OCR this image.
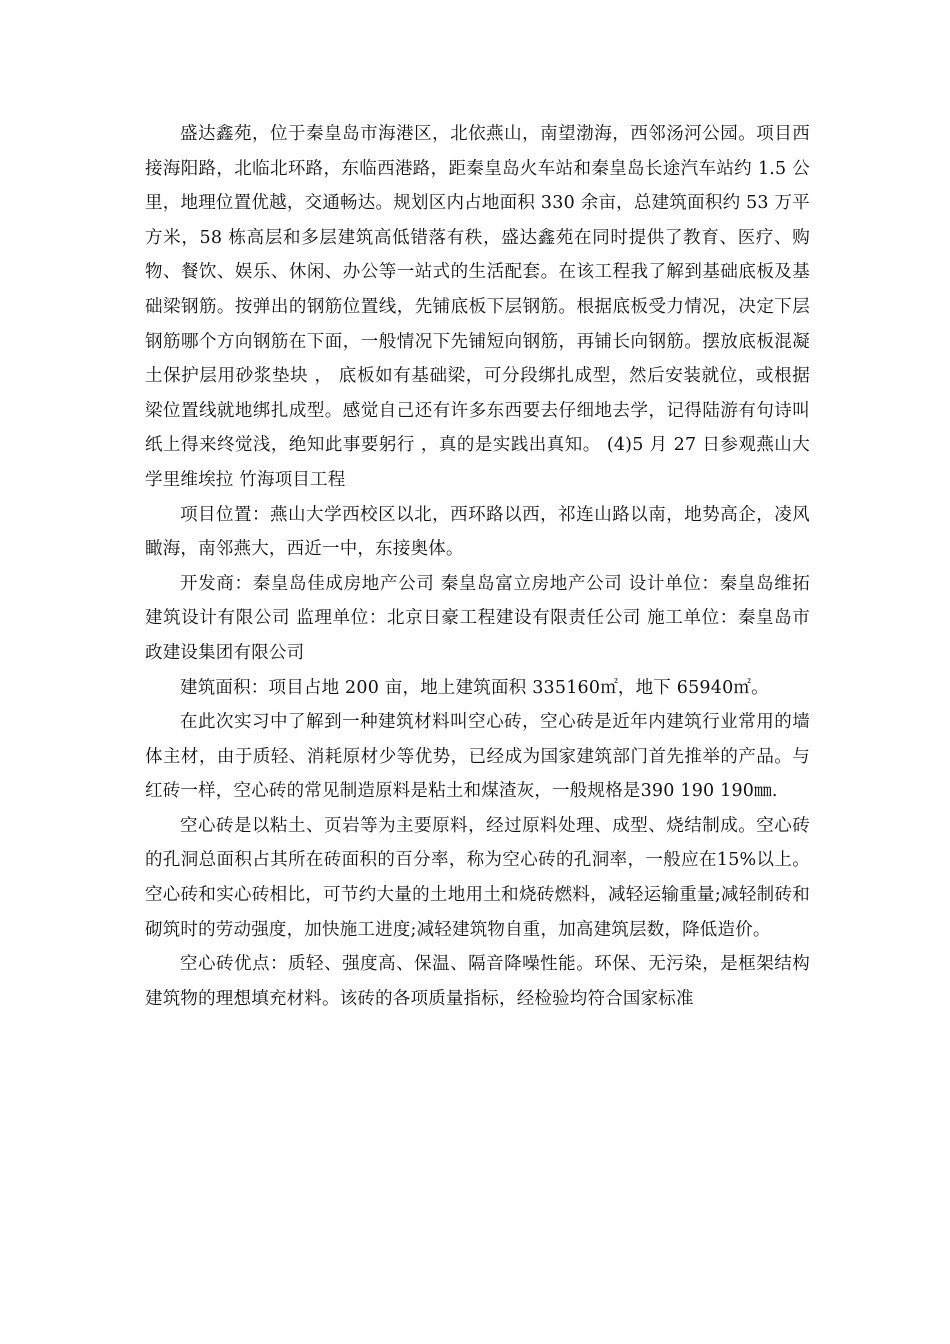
盛达鑫苑，位于秦皇岛市海港区，北依燕山，南望渤海，西邻汤河公园。项目西接海阳路，北临北环路，东临西港路，距秦皇岛火车站和秦皇岛长途汽车站约 1.5 公里，地理位置优越，交通畅达。规划区内占地面积 330 余亩，总建筑面积约 53 万平方米，58 栋高层和多层建筑高低错落有秩，盛达鑫苑在同时提供了教育、医疗、购物、餐饮、娱乐、休闲、办公等一站式的生活配套。在该工程我了解到基础底板及基础梁钢筋。按弹出的钢筋位置线，先铺底板下层钢筋。根据底板受力情况，决定下层钢筋哪个方向钢筋在下面，一般情况下先铺短向钢筋，再铺长向钢筋。摆放底板混凝土保护层用砂浆垫块 ， 底板如有基础梁，可分段绑扎成型，然后安装就位，或根据梁位置线就地绑扎成型。感觉自己还有许多东西要去仔细地去学，记得陆游有句诗叫 纸上得来终觉浅，绝知此事要躬行 ，真的是实践出真知。 (4)5 月 27 日参观燕山大学里维埃拉 竹海项目工程

项目位置：燕山大学西校区以北，西环路以西，祁连山路以南，地势高企，凌风瞰海，南邻燕大，西近一中，东接奥体。

开发商：秦皇岛佳成房地产公司 秦皇岛富立房地产公司 设计单位：秦皇岛维拓建筑设计有限公司 监理单位：北京日豪工程建设有限责任公司 施工单位：秦皇岛市政建设集团有限公司

建筑面积：项目占地 200 亩，地上建筑面积 335160㎡，地下 65940㎡。

在此次实习中了解到一种建筑材料叫空心砖，空心砖是近年内建筑行业常用的墙体主材，由于质轻、消耗原材少等优势，已经成为国家建筑部门首先推举的产品。与红砖一样，空心砖的常见制造原料是粘土和煤渣灰，一般规格是390 190 190㎜.

空心砖是以粘土、页岩等为主要原料，经过原料处理、成型、烧结制成。空心砖的孔洞总面积占其所在砖面积的百分率，称为空心砖的孔洞率，一般应在15%以上。空心砖和实心砖相比，可节约大量的土地用土和烧砖燃料，减轻运输重量;减轻制砖和砌筑时的劳动强度，加快施工进度;减轻建筑物自重，加高建筑层数，降低造价。

空心砖优点：质轻、强度高、保温、隔音降噪性能。环保、无污染，是框架结构建筑物的理想填充材料。该砖的各项质量指标，经检验均符合国家标准
